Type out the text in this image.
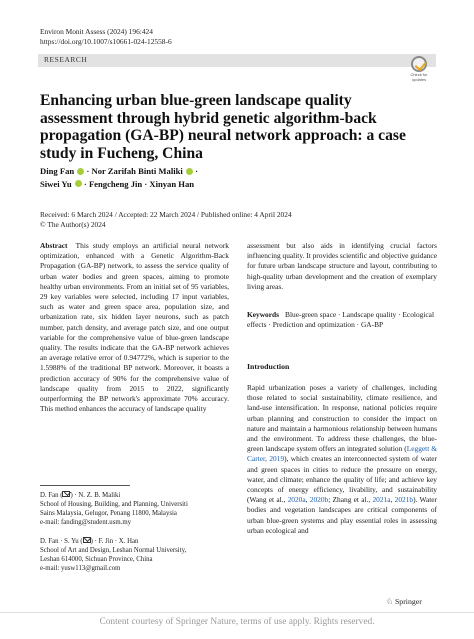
Environ Monit Assess (2024) 196:424
https://doi.org/10.1007/s10661-024-12558-6
RESEARCH
Check for
updates
Enhancing urban blue-green landscape quality assessment through hybrid genetic algorithm-back propagation (GA-BP) neural network approach: a case study in Fucheng, China
Ding Fan  · Nor Zarifah Binti Maliki  ·
Siwei Yu  · Fengcheng Jin · Xinyan Han
Received: 6 March 2024 / Accepted: 22 March 2024 / Published online: 4 April 2024
© The Author(s) 2024
Abstract This study employs an artificial neural network optimization, enhanced with a Genetic Algorithm-Back Propagation (GA-BP) network, to assess the service quality of urban water bodies and green spaces, aiming to promote healthy urban environments. From an initial set of 95 variables, 29 key variables were selected, including 17 input variables, such as water and green space area, population size, and urbanization rate, six hidden layer neurons, such as patch number, patch density, and average patch size, and one output variable for the comprehensive value of blue-green landscape quality. The results indicate that the GA-BP network achieves an average relative error of 0.94772%, which is superior to the 1.5988% of the traditional BP network. Moreover, it boasts a prediction accuracy of 90% for the comprehensive value of landscape quality from 2015 to 2022, significantly outperforming the BP network's approximate 70% accuracy. This method enhances the accuracy of landscape quality
assessment but also aids in identifying crucial factors influencing quality. It provides scientific and objective guidance for future urban landscape structure and layout, contributing to high-quality urban development and the creation of exemplary living areas.
Keywords Blue-green space · Landscape quality · Ecological effects · Prediction and optimization · GA-BP
Introduction
Rapid urbanization poses a variety of challenges, including those related to social sustainability, climate resilience, and land-use intensification. In response, national policies require urban planning and construction to consider the impact on nature and maintain a harmonious relationship between humans and the environment. To address these challenges, the blue-green landscape system offers an integrated solution (Leggett & Carter, 2019), which creates an interconnected system of water and green spaces in cities to reduce the pressure on energy, water, and climate; enhance the quality of life; and achieve key concepts of energy efficiency, livability, and sustainability (Wang et al., 2020a, 2020b; Zhang et al., 2021a, 2021b). Water bodies and vegetation landscapes are critical components of urban blue-green systems and play essential roles in assessing urban ecological and
D. Fan ( ) · N. Z. B. Maliki
School of Housing, Building, and Planning, Universiti
Sains Malaysia, Gelugor, Penang 11800, Malaysia
e-mail: fanding@student.usm.my
D. Fan · S. Yu ( ) · F. Jin · X. Han
School of Art and Design, Leshan Normal University,
Leshan 614000, Sichuan Province, China
e-mail: yusw113@gmail.com
♘ Springer
Content courtesy of Springer Nature, terms of use apply. Rights reserved.
